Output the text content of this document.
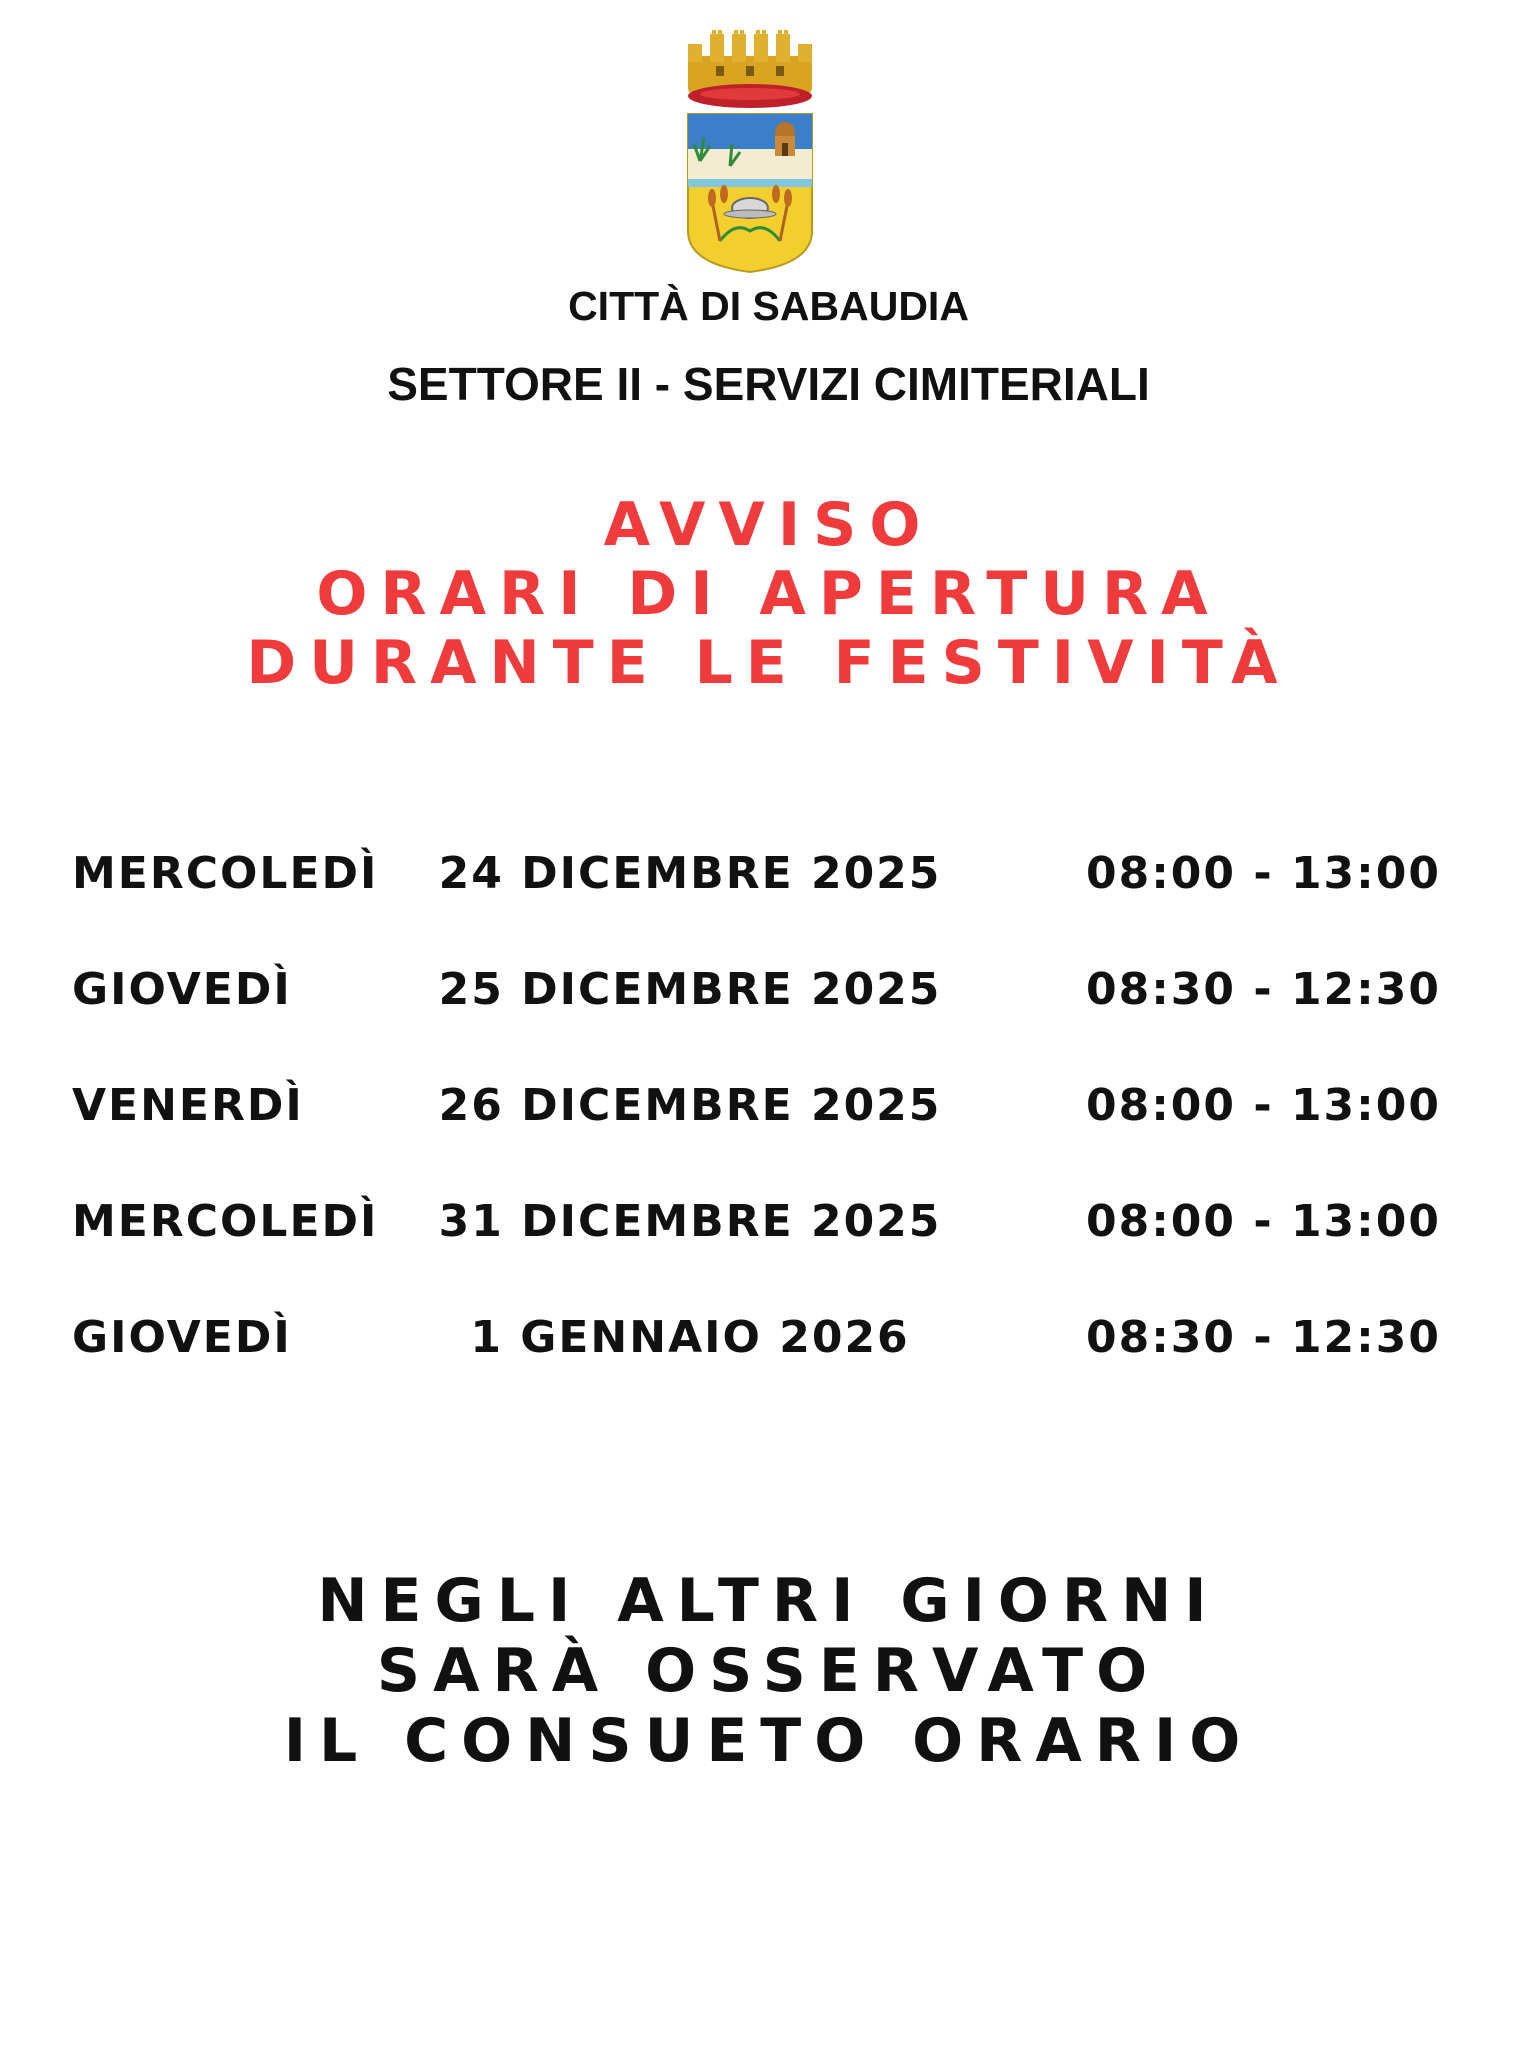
CITTÀ DI SABAUDIA
SETTORE II - SERVIZI CIMITERIALI
AVVISO
ORARI DI APERTURA
DURANTE LE FESTIVITÀ
MERCOLEDÌ	24 DICEMBRE 2025	08:00 - 13:00
GIOVEDÌ	25 DICEMBRE 2025	08:30 - 12:30
VENERDÌ	26 DICEMBRE 2025	08:00 - 13:00
MERCOLEDÌ	31 DICEMBRE 2025	08:00 - 13:00
GIOVEDÌ	1 GENNAIO 2026	08:30 - 12:30
NEGLI ALTRI GIORNI
SARÀ OSSERVATO
IL CONSUETO ORARIO
